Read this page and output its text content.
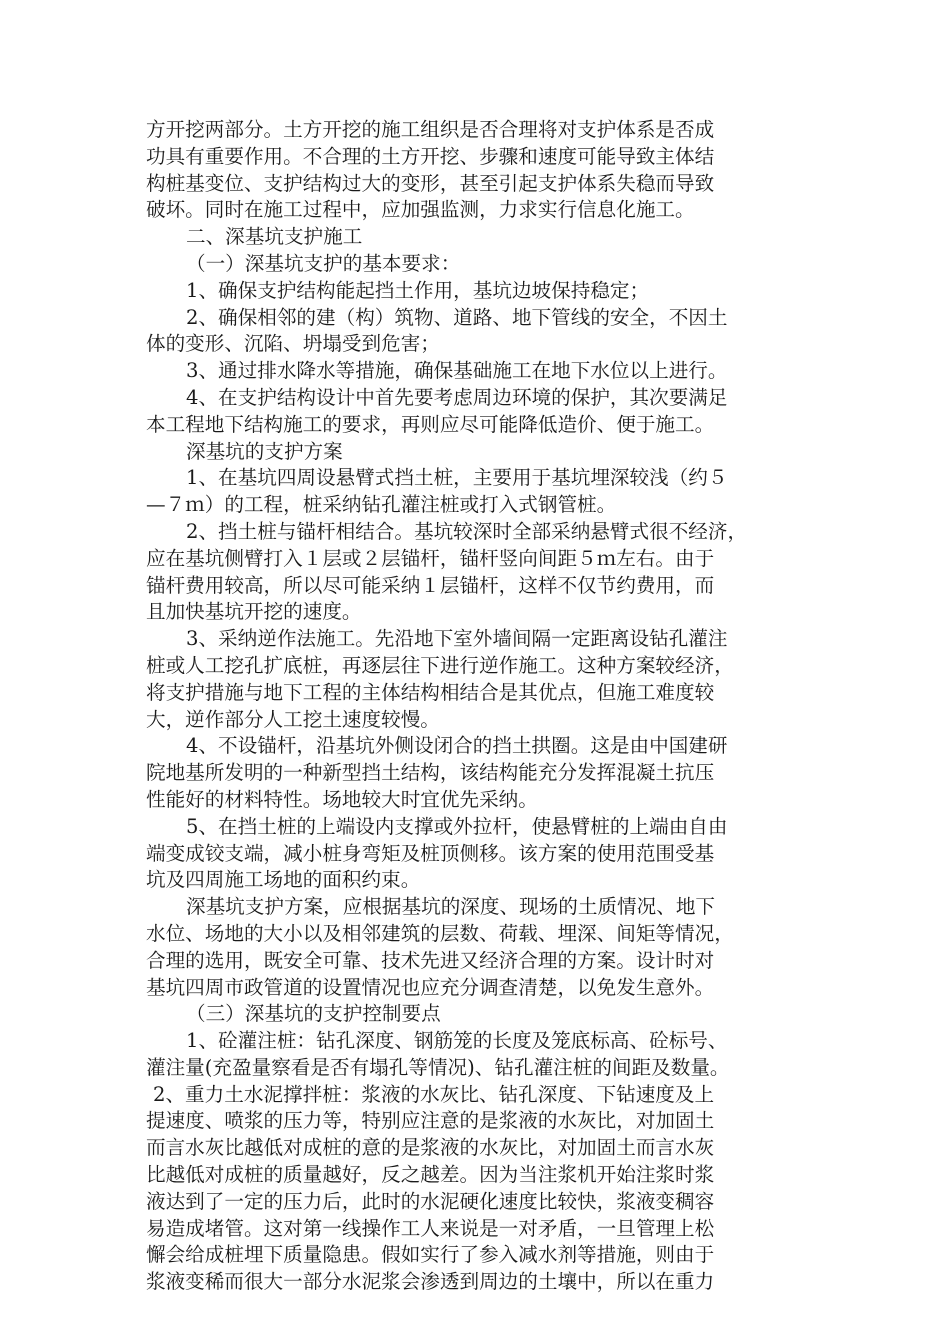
方开挖两部分。土方开挖的施工组织是否合理将对支护体系是否成
功具有重要作用。不合理的土方开挖、步骤和速度可能导致主体结
构桩基变位、支护结构过大的变形，甚至引起支护体系失稳而导致
破坏。同时在施工过程中，应加强监测，力求实行信息化施工。
二、深基坑支护施工
（一）深基坑支护的基本要求：
1、确保支护结构能起挡土作用，基坑边坡保持稳定；
2、确保相邻的建（构）筑物、道路、地下管线的安全，不因土
体的变形、沉陷、坍塌受到危害；
3、通过排水降水等措施，确保基础施工在地下水位以上进行。
4、在支护结构设计中首先要考虑周边环境的保护，其次要满足
本工程地下结构施工的要求，再则应尽可能降低造价、便于施工。
深基坑的支护方案
1、在基坑四周设悬臂式挡土桩，主要用于基坑埋深较浅（约５
—７ｍ）的工程，桩采纳钻孔灌注桩或打入式钢管桩。
2、挡土桩与锚杆相结合。基坑较深时全部采纳悬臂式很不经济，
应在基坑侧臂打入１层或２层锚杆，锚杆竖向间距５ｍ左右。由于
锚杆费用较高，所以尽可能采纳１层锚杆，这样不仅节约费用，而
且加快基坑开挖的速度。
3、采纳逆作法施工。先沿地下室外墙间隔一定距离设钻孔灌注
桩或人工挖孔扩底桩，再逐层往下进行逆作施工。这种方案较经济，
将支护措施与地下工程的主体结构相结合是其优点，但施工难度较
大，逆作部分人工挖土速度较慢。
4、不设锚杆，沿基坑外侧设闭合的挡土拱圈。这是由中国建研
院地基所发明的一种新型挡土结构，该结构能充分发挥混凝土抗压
性能好的材料特性。场地较大时宜优先采纳。
5、在挡土桩的上端设内支撑或外拉杆，使悬臂桩的上端由自由
端变成铰支端，减小桩身弯矩及桩顶侧移。该方案的使用范围受基
坑及四周施工场地的面积约束。
深基坑支护方案，应根据基坑的深度、现场的土质情况、地下
水位、场地的大小以及相邻建筑的层数、荷载、埋深、间矩等情况，
合理的选用，既安全可靠、技术先进又经济合理的方案。设计时对
基坑四周市政管道的设置情况也应充分调查清楚，以免发生意外。
（三）深基坑的支护控制要点
1、砼灌注桩：钻孔深度、钢筋笼的长度及笼底标高、砼标号、
灌注量(充盈量察看是否有塌孔等情况)、钻孔灌注桩的间距及数量。
2、重力土水泥撑拌桩：浆液的水灰比、钻孔深度、下钻速度及上
提速度、喷浆的压力等，特别应注意的是浆液的水灰比，对加固土
而言水灰比越低对成桩的意的是浆液的水灰比，对加固土而言水灰
比越低对成桩的质量越好，反之越差。因为当注浆机开始注浆时浆
液达到了一定的压力后，此时的水泥硬化速度比较快，浆液变稠容
易造成堵管。这对第一线操作工人来说是一对矛盾，一旦管理上松
懈会给成桩埋下质量隐患。假如实行了参入减水剂等措施，则由于
浆液变稀而很大一部分水泥浆会渗透到周边的土壤中，所以在重力
